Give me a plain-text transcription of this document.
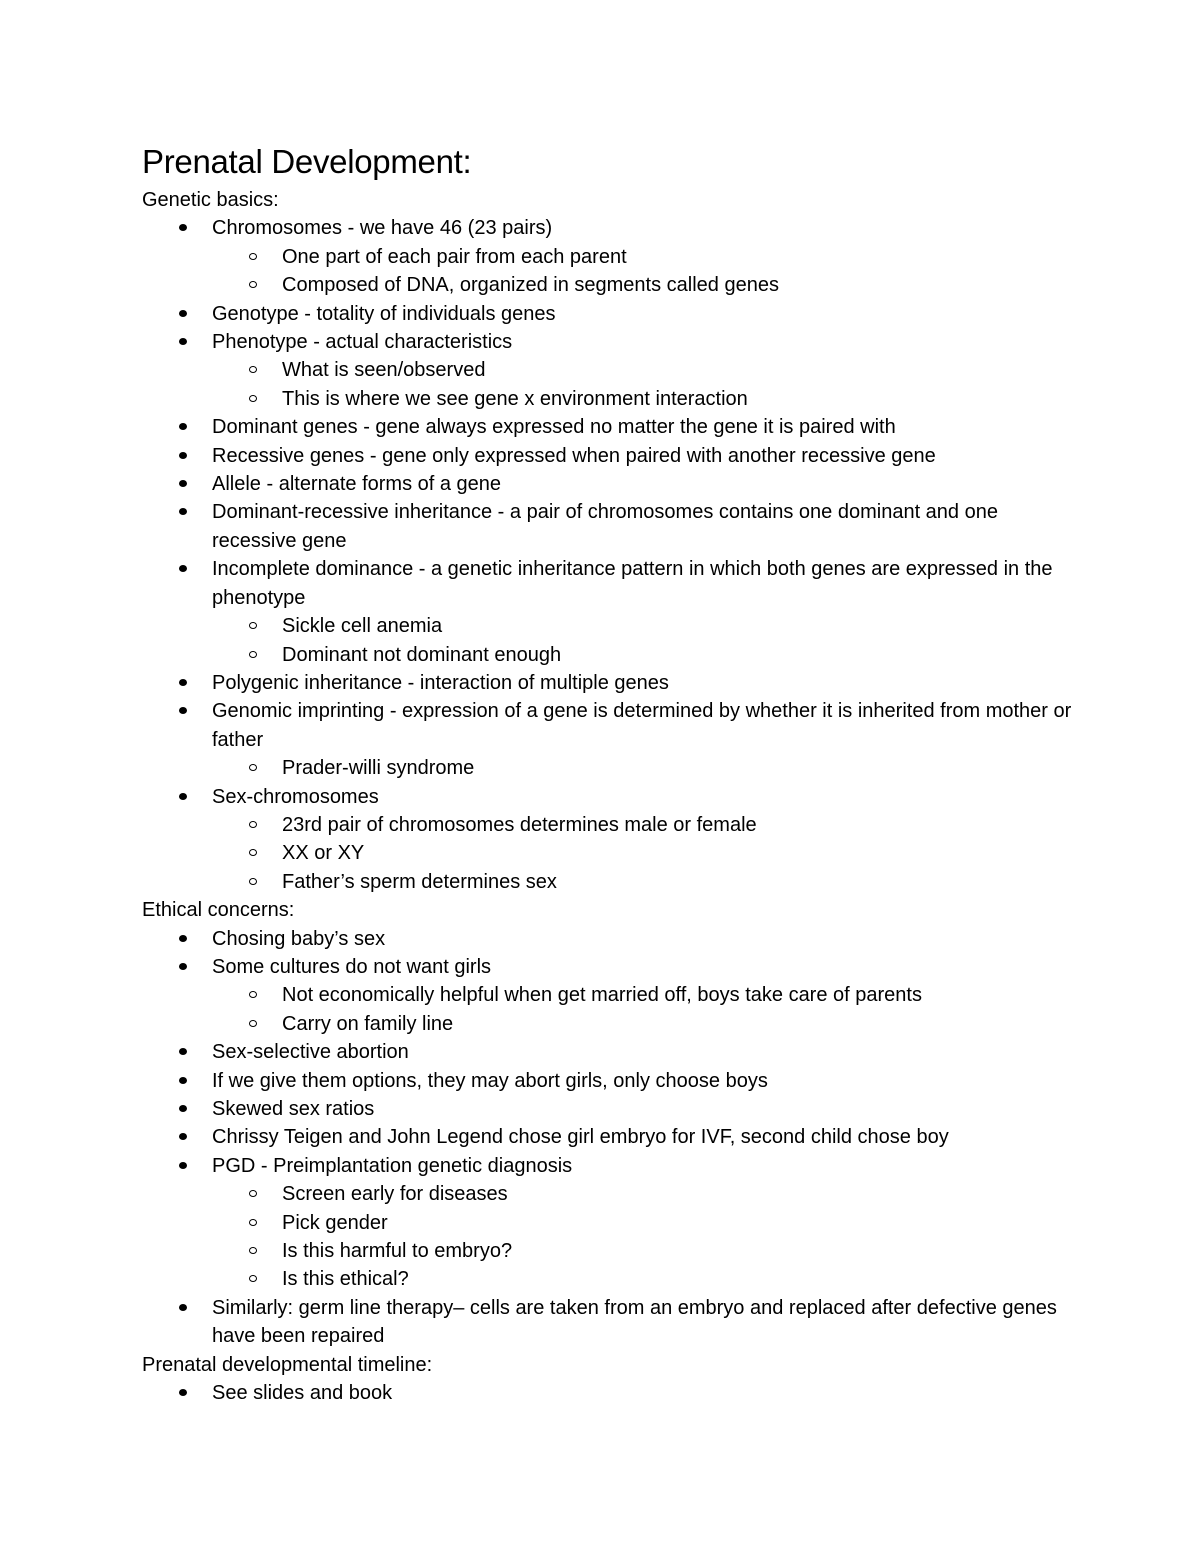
Prenatal Development:
Genetic basics:
Chromosomes - we have 46 (23 pairs)
One part of each pair from each parent
Composed of DNA, organized in segments called genes
Genotype - totality of individuals genes
Phenotype - actual characteristics
What is seen/observed
This is where we see gene x environment interaction
Dominant genes - gene always expressed no matter the gene it is paired with
Recessive genes - gene only expressed when paired with another recessive gene
Allele - alternate forms of a gene
Dominant-recessive inheritance - a pair of chromosomes contains one dominant and one recessive gene
Incomplete dominance - a genetic inheritance pattern in which both genes are expressed in the phenotype
Sickle cell anemia
Dominant not dominant enough
Polygenic inheritance - interaction of multiple genes
Genomic imprinting - expression of a gene is determined by whether it is inherited from mother or father
Prader-willi syndrome
Sex-chromosomes
23rd pair of chromosomes determines male or female
XX or XY
Father’s sperm determines sex
Ethical concerns:
Chosing baby’s sex
Some cultures do not want girls
Not economically helpful when get married off, boys take care of parents
Carry on family line
Sex-selective abortion
If we give them options, they may abort girls, only choose boys
Skewed sex ratios
Chrissy Teigen and John Legend chose girl embryo for IVF, second child chose boy
PGD - Preimplantation genetic diagnosis
Screen early for diseases
Pick gender
Is this harmful to embryo?
Is this ethical?
Similarly: germ line therapy– cells are taken from an embryo and replaced after defective genes have been repaired
Prenatal developmental timeline:
See slides and book
